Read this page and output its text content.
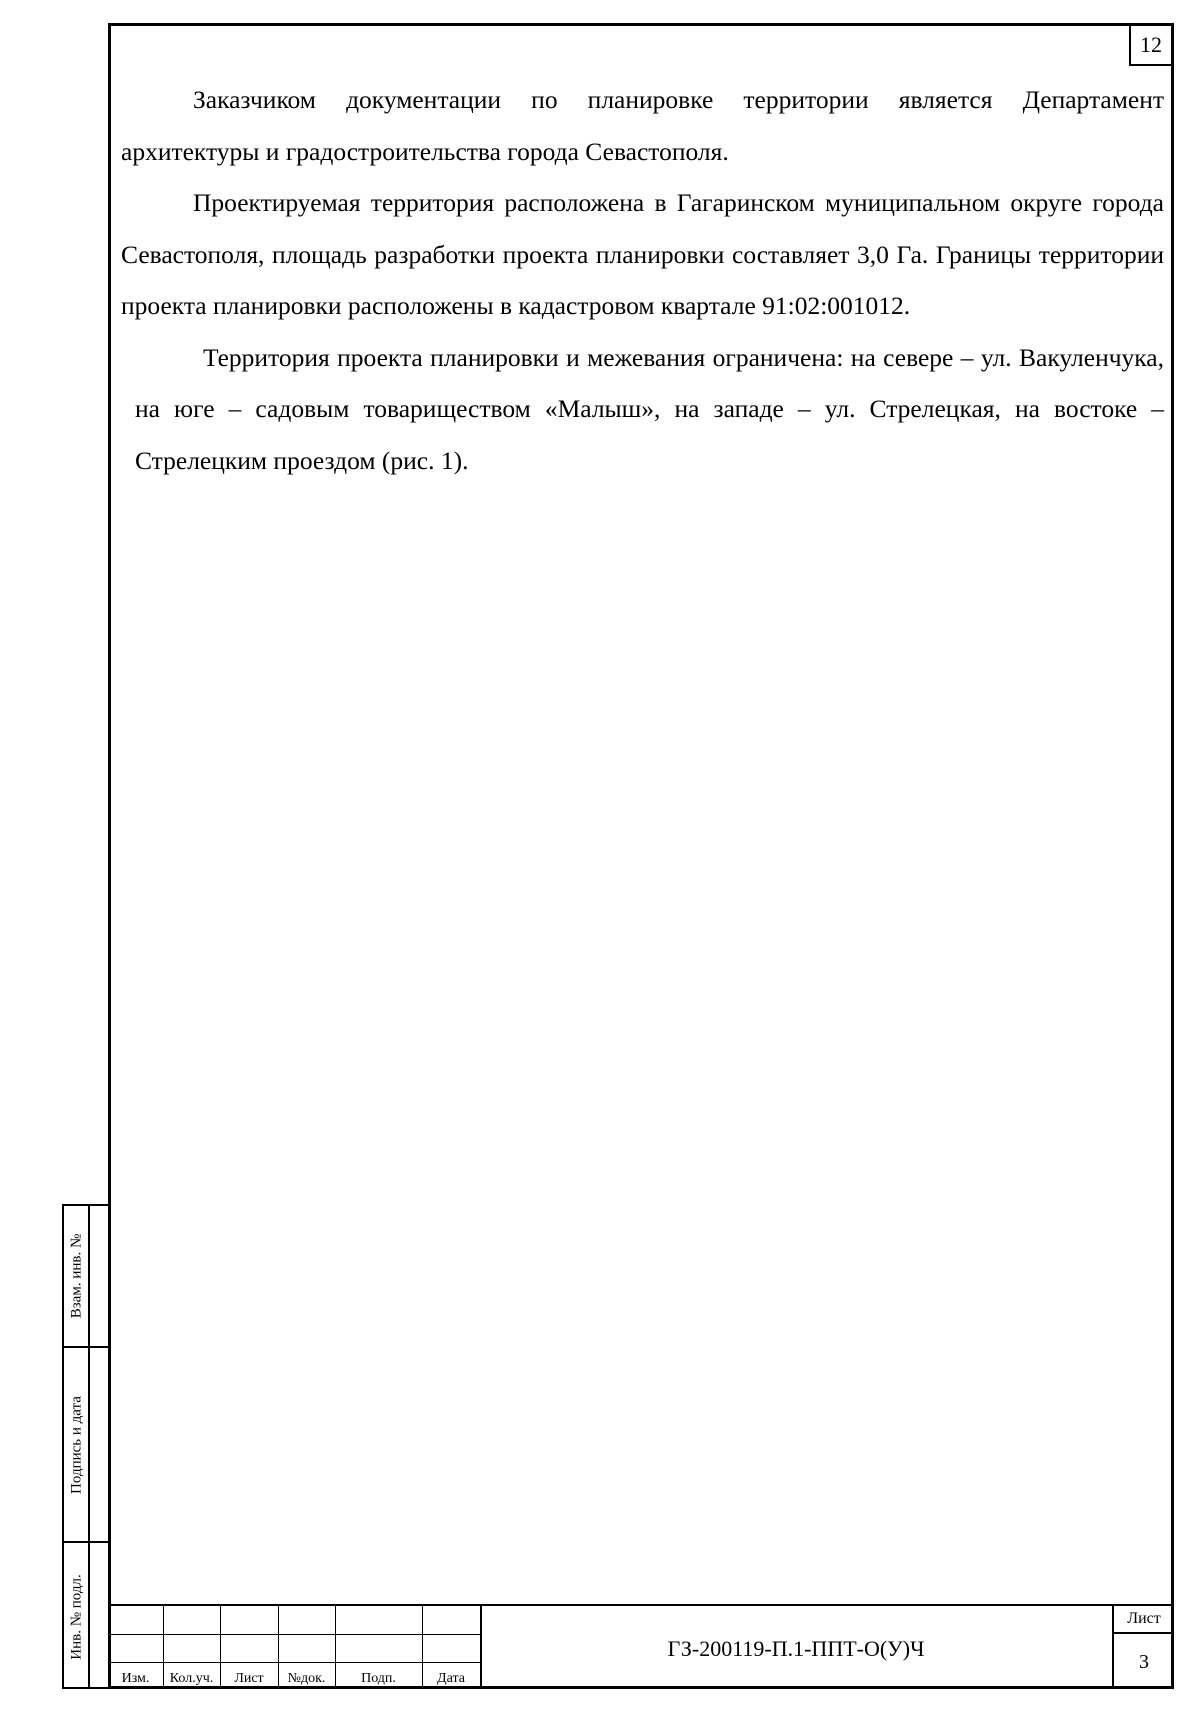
12

Заказчиком документации по планировке территории является Департамент архитектуры и градостроительства города Севастополя.

Проектируемая территория расположена в Гагаринском муниципальном округе города Севастополя, площадь разработки проекта планировки составляет 3,0 Га. Границы территории проекта планировки расположены в кадастровом квартале 91:02:001012.

Территория проекта планировки и межевания ограничена: на севере – ул. Вакуленчука, на юге – садовым товариществом «Малыш», на западе – ул. Стрелецкая, на востоке – Стрелецким проездом (рис. 1).

Взам. инв. №
Подпись и дата
Инв. № подл.
Изм.	Кол.уч.	Лист	№док.	Подп.	Дата
ГЗ-200119-П.1-ППТ-О(У)Ч
Лист
3
